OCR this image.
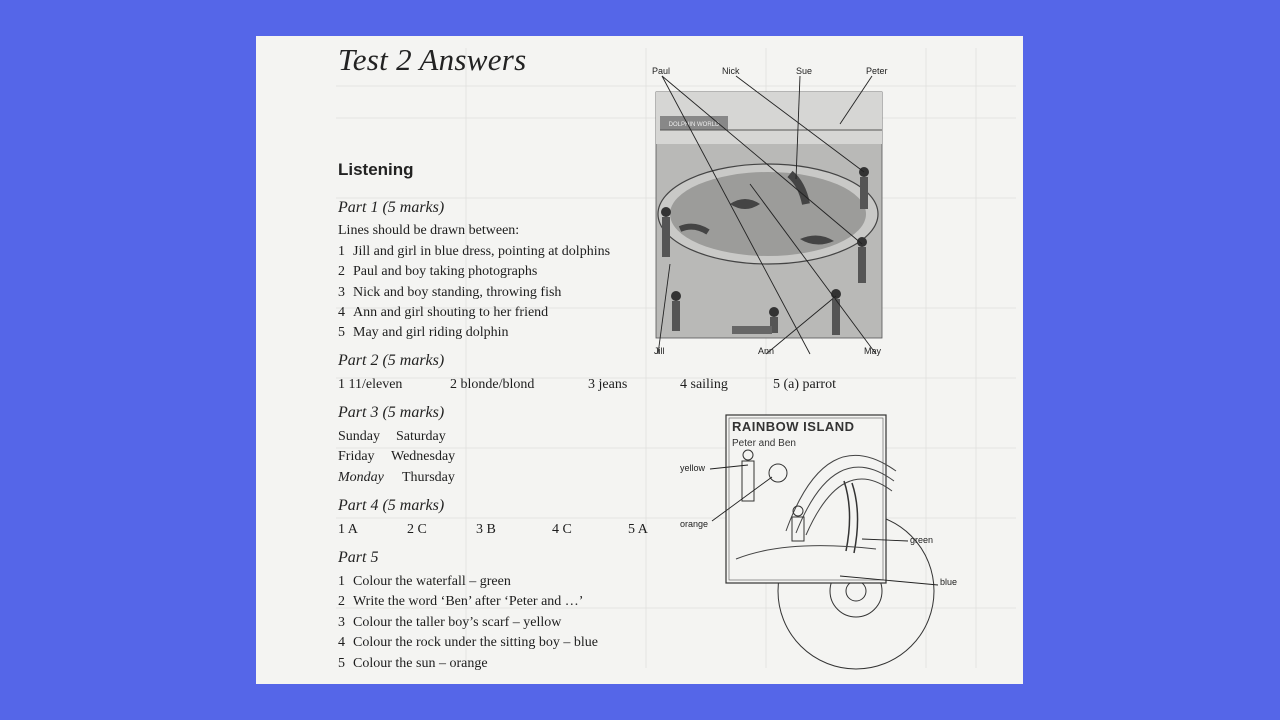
Test 2 Answers
Listening
Part 1 (5 marks)
Lines should be drawn between:
1 Jill and girl in blue dress, pointing at dolphins
2 Paul and boy taking photographs
3 Nick and boy standing, throwing fish
4 Ann and girl shouting to her friend
5 May and girl riding dolphin
Part 2 (5 marks)
1 11/eleven	2 blonde/blond	3 jeans	4 sailing	5 (a) parrot
Part 3 (5 marks)
Sunday Saturday
Friday Wednesday
Monday Thursday
Part 4 (5 marks)
1 A	2 C	3 B	4 C	5 A
Part 5
1 Colour the waterfall – green
2 Write the word ‘Ben’ after ‘Peter and …’
3 Colour the taller boy’s scarf – yellow
4 Colour the rock under the sitting boy – blue
5 Colour the sun – orange
Paul	Nick	Sue	Peter
DOLPHIN WORLD
Jill	Ann	May
RAINBOW ISLAND
Peter and Ben
yellow
orange
green
blue
